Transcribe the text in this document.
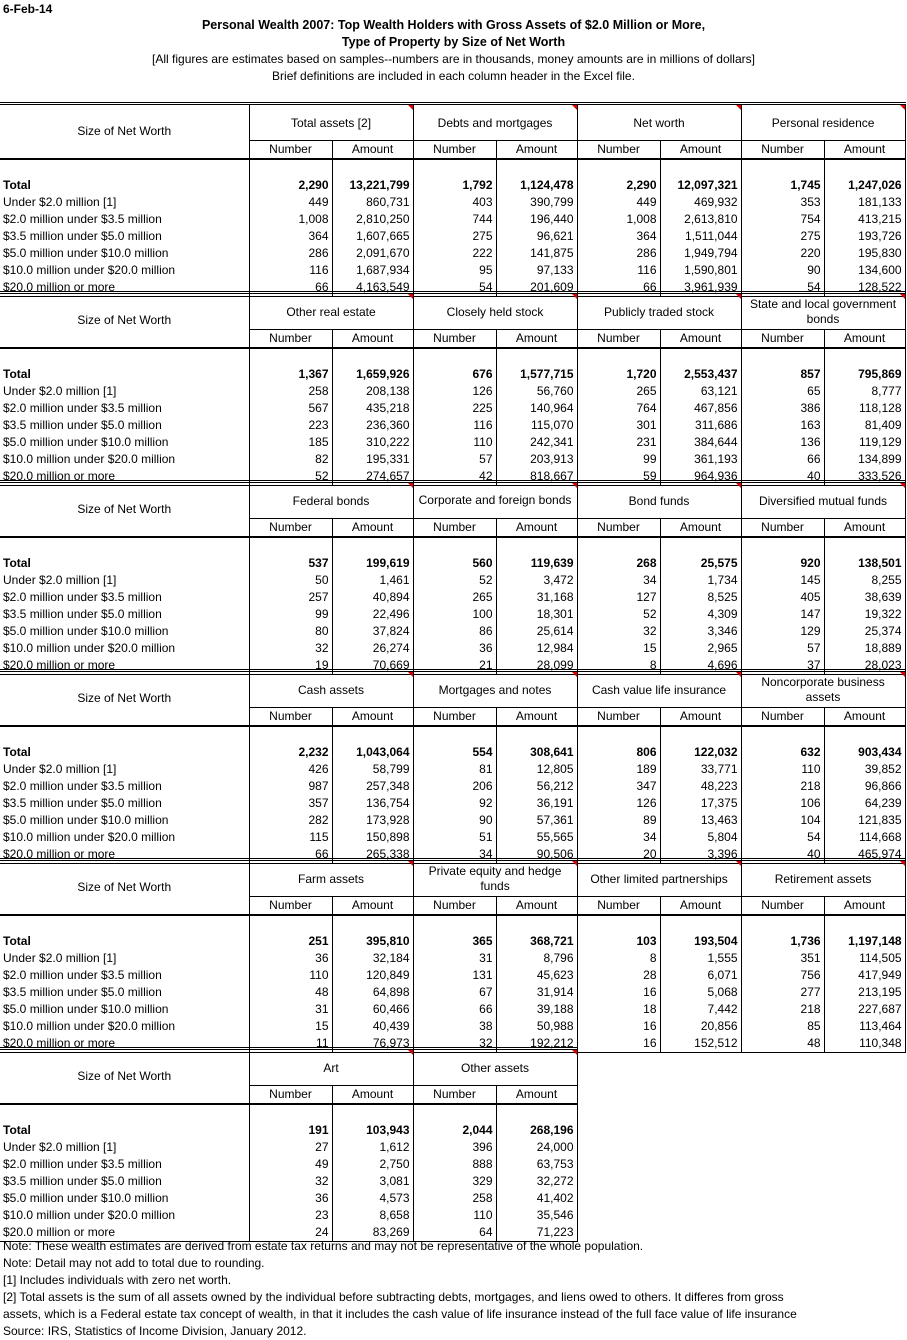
6-Feb-14
Personal Wealth 2007: Top Wealth Holders with Gross Assets of $2.0 Million or More,
Type of Property by Size of Net Worth
[All figures are estimates based on samples--numbers are in thousands, money amounts are in millions of dollars]
Brief definitions are included in each column header in the Excel file.
Size of Net Worth	Total assets [2]		Debts and mortgages		Net worth		Personal residence	

	Number	Amount	Number	Amount	Number	Amount	Number	Amount

Total	2,290	13,221,799	1,792	1,124,478	2,290	12,097,321	1,745	1,247,026
Under $2.0 million [1]	449	860,731	403	390,799	449	469,932	353	181,133
$2.0 million under $3.5 million	1,008	2,810,250	744	196,440	1,008	2,613,810	754	413,215
$3.5 million under $5.0 million	364	1,607,665	275	96,621	364	1,511,044	275	193,726
$5.0 million under $10.0 million	286	2,091,670	222	141,875	286	1,949,794	220	195,830
$10.0 million under $20.0 million	116	1,687,934	95	97,133	116	1,590,801	90	134,600
$20.0 million or more	66	4,163,549	54	201,609	66	3,961,939	54	128,522
Size of Net Worth	Other real estate		Closely held stock		Publicly traded stock		State and local government bonds	

	Number	Amount	Number	Amount	Number	Amount	Number	Amount

Total	1,367	1,659,926	676	1,577,715	1,720	2,553,437	857	795,869
Under $2.0 million [1]	258	208,138	126	56,760	265	63,121	65	8,777
$2.0 million under $3.5 million	567	435,218	225	140,964	764	467,856	386	118,128
$3.5 million under $5.0 million	223	236,360	116	115,070	301	311,686	163	81,409
$5.0 million under $10.0 million	185	310,222	110	242,341	231	384,644	136	119,129
$10.0 million under $20.0 million	82	195,331	57	203,913	99	361,193	66	134,899
$20.0 million or more	52	274,657	42	818,667	59	964,936	40	333,526
Size of Net Worth	Federal bonds		Corporate and foreign bonds		Bond funds		Diversified mutual funds	

	Number	Amount	Number	Amount	Number	Amount	Number	Amount

Total	537	199,619	560	119,639	268	25,575	920	138,501
Under $2.0 million [1]	50	1,461	52	3,472	34	1,734	145	8,255
$2.0 million under $3.5 million	257	40,894	265	31,168	127	8,525	405	38,639
$3.5 million under $5.0 million	99	22,496	100	18,301	52	4,309	147	19,322
$5.0 million under $10.0 million	80	37,824	86	25,614	32	3,346	129	25,374
$10.0 million under $20.0 million	32	26,274	36	12,984	15	2,965	57	18,889
$20.0 million or more	19	70,669	21	28,099	8	4,696	37	28,023
Size of Net Worth	Cash assets		Mortgages and notes		Cash value life insurance		Noncorporate business assets	

	Number	Amount	Number	Amount	Number	Amount	Number	Amount

Total	2,232	1,043,064	554	308,641	806	122,032	632	903,434
Under $2.0 million [1]	426	58,799	81	12,805	189	33,771	110	39,852
$2.0 million under $3.5 million	987	257,348	206	56,212	347	48,223	218	96,866
$3.5 million under $5.0 million	357	136,754	92	36,191	126	17,375	106	64,239
$5.0 million under $10.0 million	282	173,928	90	57,361	89	13,463	104	121,835
$10.0 million under $20.0 million	115	150,898	51	55,565	34	5,804	54	114,668
$20.0 million or more	66	265,338	34	90,506	20	3,396	40	465,974
Size of Net Worth	Farm assets		Private equity and hedge funds		Other limited partnerships		Retirement assets	

	Number	Amount	Number	Amount	Number	Amount	Number	Amount

Total	251	395,810	365	368,721	103	193,504	1,736	1,197,148
Under $2.0 million [1]	36	32,184	31	8,796	8	1,555	351	114,505
$2.0 million under $3.5 million	110	120,849	131	45,623	28	6,071	756	417,949
$3.5 million under $5.0 million	48	64,898	67	31,914	16	5,068	277	213,195
$5.0 million under $10.0 million	31	60,466	66	39,188	18	7,442	218	227,687
$10.0 million under $20.0 million	15	40,439	38	50,988	16	20,856	85	113,464
$20.0 million or more	11	76,973	32	192,212	16	152,512	48	110,348
Size of Net Worth	Art		Other assets	

	Number	Amount	Number	Amount

Total	191	103,943	2,044	268,196
Under $2.0 million [1]	27	1,612	396	24,000
$2.0 million under $3.5 million	49	2,750	888	63,753
$3.5 million under $5.0 million	32	3,081	329	32,272
$5.0 million under $10.0 million	36	4,573	258	41,402
$10.0 million under $20.0 million	23	8,658	110	35,546
$20.0 million or more	24	83,269	64	71,223
Note: These wealth estimates are derived from estate tax returns and may not be representative of the whole population.
Note: Detail may not add to total due to rounding.
[1] Includes individuals with zero net worth.
[2] Total assets is the sum of all assets owned by the individual before subtracting debts, mortgages, and liens owed to others. It differes from gross
assets, which is a Federal estate tax concept of wealth, in that it includes the cash value of life insurance instead of the full face value of life insurance
Source: IRS, Statistics of Income Division, January 2012.
